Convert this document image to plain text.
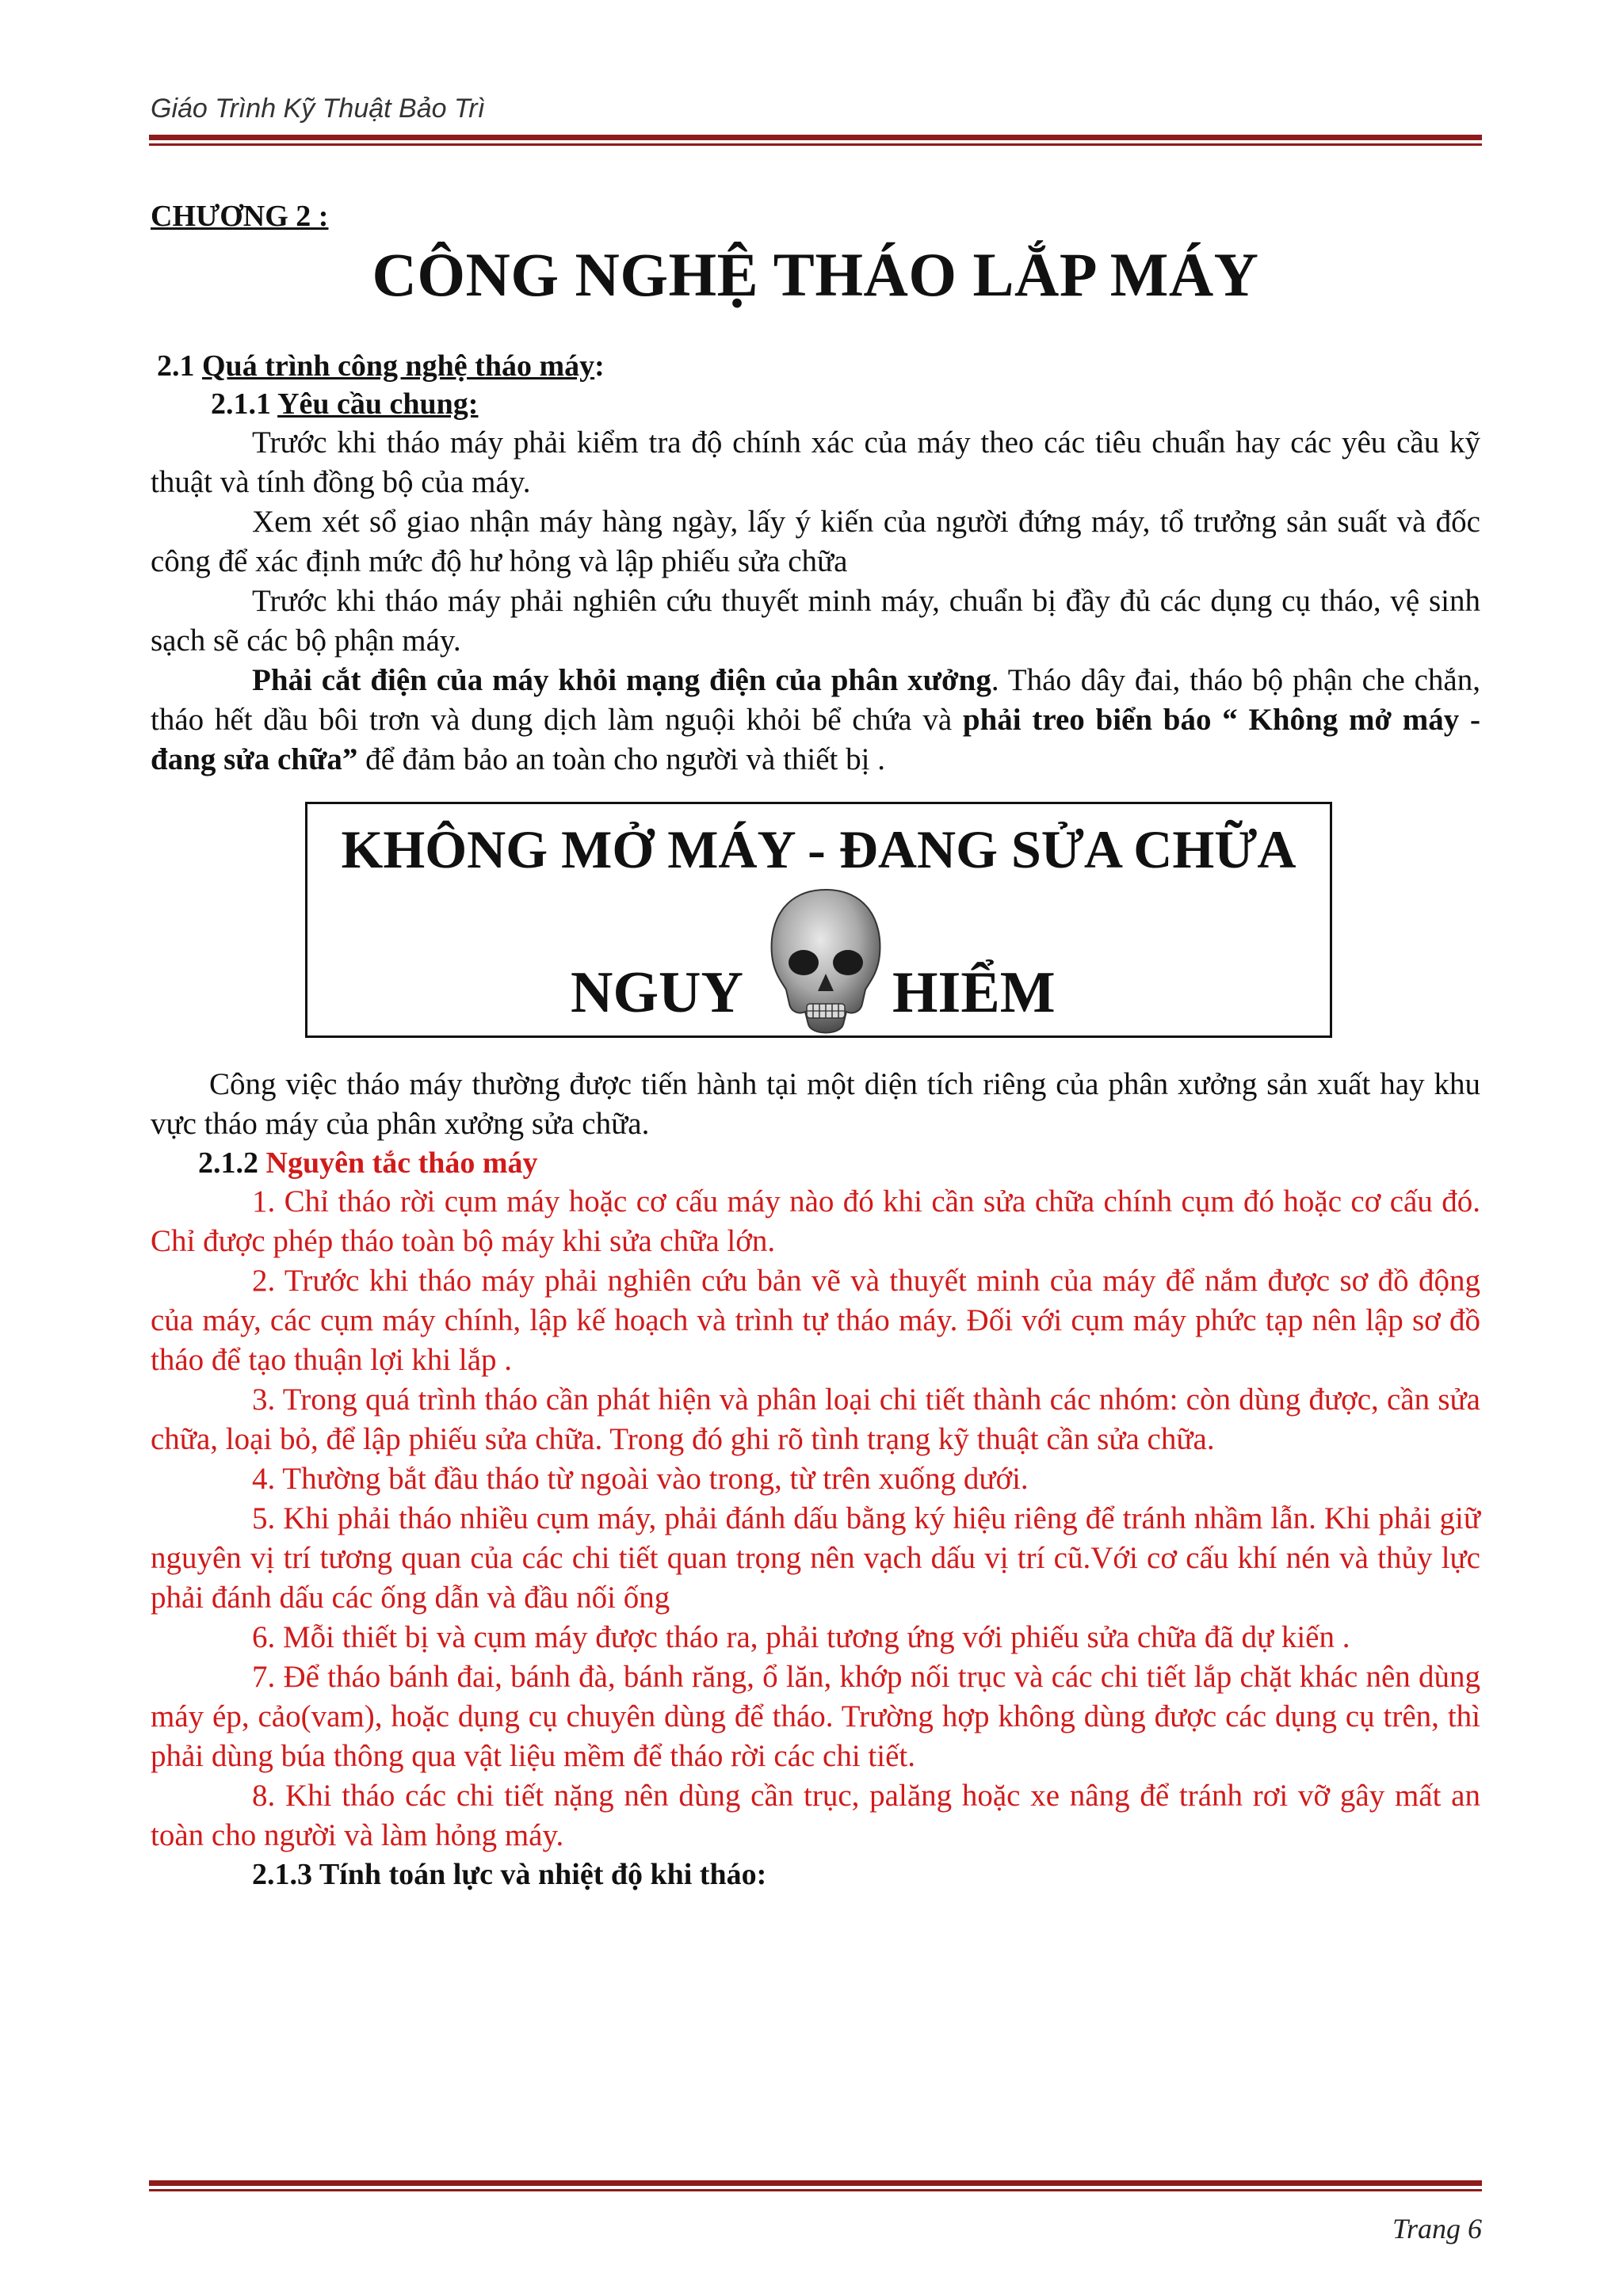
Giáo Trình Kỹ Thuật Bảo Trì

CHƯƠNG 2 :

CÔNG NGHỆ THÁO LẮP MÁY

2.1 Quá trình công nghệ tháo máy:

2.1.1 Yêu cầu chung:

Trước khi tháo máy phải kiểm tra độ chính xác của máy theo các tiêu chuẩn hay các yêu cầu kỹ thuật và tính đồng bộ của máy.

Xem xét sổ giao nhận máy hàng ngày, lấy ý kiến của người đứng máy, tổ trưởng sản suất và đốc công để xác định mức độ hư hỏng và lập phiếu sửa chữa

Trước khi tháo máy phải nghiên cứu thuyết minh máy, chuẩn bị đầy đủ các dụng cụ tháo, vệ sinh sạch sẽ các bộ phận máy.

Phải cắt điện của máy khỏi mạng điện của phân xưởng. Tháo dây đai, tháo bộ phận che chắn, tháo hết dầu bôi trơn và dung dịch làm nguội khỏi bể chứa và phải treo biển báo “ Không mở máy - đang sửa chữa” để đảm bảo an toàn cho người và thiết bị .

KHÔNG MỞ MÁY - ĐANG SỬA CHỮA
NGUY	HIỂM

Công việc tháo máy thường được tiến hành tại một diện tích riêng của phân xưởng sản xuất hay khu vực tháo máy của phân xưởng sửa chữa.

2.1.2 Nguyên tắc tháo máy

1. Chỉ tháo rời cụm máy hoặc cơ cấu máy nào đó khi cần sửa chữa chính cụm đó hoặc cơ cấu đó. Chỉ được phép tháo toàn bộ máy khi sửa chữa lớn.

2. Trước khi tháo máy phải nghiên cứu bản vẽ và thuyết minh của máy để nắm được sơ đồ động của máy, các cụm máy chính, lập kế hoạch và trình tự tháo máy. Đối với cụm máy phức tạp nên lập sơ đồ tháo để tạo thuận lợi khi lắp .

3. Trong quá trình tháo cần phát hiện và phân loại chi tiết thành các nhóm: còn dùng được, cần sửa chữa, loại bỏ, để lập phiếu sửa chữa. Trong đó ghi rõ tình trạng kỹ thuật cần sửa chữa.

4. Thường bắt đầu tháo từ ngoài vào trong, từ trên xuống dưới.

5. Khi phải tháo nhiều cụm máy, phải đánh dấu bằng ký hiệu riêng để tránh nhầm lẫn. Khi phải giữ nguyên vị trí tương quan của các chi tiết quan trọng nên vạch dấu vị trí cũ.Với cơ cấu khí nén và thủy lực phải đánh dấu các ống dẫn và đầu nối ống

6. Mỗi thiết bị và cụm máy được tháo ra, phải tương ứng với phiếu sửa chữa đã dự kiến .

7. Để tháo bánh đai, bánh đà, bánh răng, ổ lăn, khớp nối trục và các chi tiết lắp chặt khác nên dùng máy ép, cảo(vam), hoặc dụng cụ chuyên dùng để tháo. Trường hợp không dùng được các dụng cụ trên, thì phải dùng búa thông qua vật liệu mềm để tháo rời các chi tiết.

8. Khi tháo các chi tiết nặng nên dùng cần trục, palăng hoặc xe nâng để tránh rơi vỡ gây mất an toàn cho người và làm hỏng máy.

2.1.3 Tính toán lực và nhiệt độ khi tháo:

Trang 6
